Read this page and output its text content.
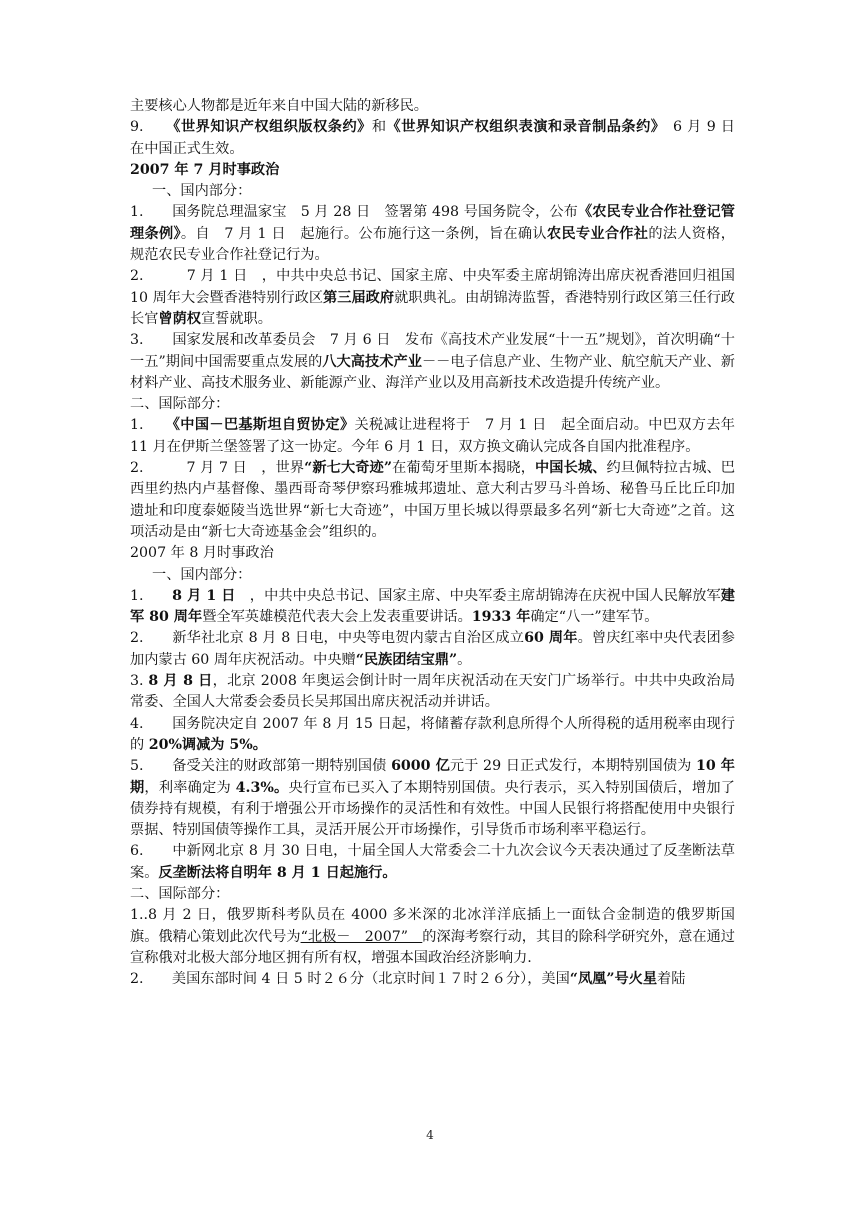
主要核心人物都是近年来自中国大陆的新移民。

9.　　《世界知识产权组织版权条约》和《世界知识产权组织表演和录音制品条约》　6 月 9 日　在中国正式生效。

2007 年 7 月时事政治

一、国内部分：

1.　　国务院总理温家宝　5 月 28 日　签署第 498 号国务院令，公布《农民专业合作社登记管理条例》。自　7 月 1 日　起施行。公布施行这一条例，旨在确认农民专业合作社的法人资格，规范农民专业合作社登记行为。

2.　　　7 月 1 日　，中共中央总书记、国家主席、中央军委主席胡锦涛出席庆祝香港回归祖国 10 周年大会暨香港特别行政区第三届政府就职典礼。由胡锦涛监誓，香港特别行政区第三任行政长官曾荫权宣誓就职。

3.　　国家发展和改革委员会　7 月 6 日　发布《高技术产业发展“十一五”规划》，首次明确“十一五”期间中国需要重点发展的八大高技术产业－－电子信息产业、生物产业、航空航天产业、新材料产业、高技术服务业、新能源产业、海洋产业以及用高新技术改造提升传统产业。

二、国际部分：

1.　　《中国－巴基斯坦自贸协定》关税减让进程将于　7 月 1 日　起全面启动。中巴双方去年 11 月在伊斯兰堡签署了这一协定。今年 6 月 1 日，双方换文确认完成各自国内批准程序。

2.　　　7 月 7 日　，世界“新七大奇迹”在葡萄牙里斯本揭晓，中国长城、约旦佩特拉古城、巴西里约热内卢基督像、墨西哥奇琴伊察玛雅城邦遗址、意大利古罗马斗兽场、秘鲁马丘比丘印加遗址和印度泰姬陵当选世界“新七大奇迹”，中国万里长城以得票最多名列“新七大奇迹”之首。这项活动是由“新七大奇迹基金会”组织的。

2007 年 8 月时事政治

一、国内部分：

1.　　8 月 1 日　，中共中央总书记、国家主席、中央军委主席胡锦涛在庆祝中国人民解放军建军 80 周年暨全军英雄模范代表大会上发表重要讲话。1933 年确定“八一”建军节。

2.　　新华社北京 8 月 8 日电，中央等电贺内蒙古自治区成立60 周年。曾庆红率中央代表团参加内蒙古 60 周年庆祝活动。中央赠“民族团结宝鼎”。

3. 8 月 8 日，北京 2008 年奥运会倒计时一周年庆祝活动在天安门广场举行。中共中央政治局常委、全国人大常委会委员长吴邦国出席庆祝活动并讲话。

4.　　国务院决定自 2007 年 8 月 15 日起，将储蓄存款利息所得个人所得税的适用税率由现行的 20%调减为 5%。

5.　　备受关注的财政部第一期特别国债 6000 亿元于 29 日正式发行，本期特别国债为 10 年期，利率确定为 4.3%。央行宣布已买入了本期特别国债。央行表示，买入特别国债后，增加了债券持有规模，有利于增强公开市场操作的灵活性和有效性。中国人民银行将搭配使用中央银行票据、特别国债等操作工具，灵活开展公开市场操作，引导货币市场利率平稳运行。

6.　　中新网北京 8 月 30 日电，十届全国人大常委会二十九次会议今天表决通过了反垄断法草案。反垄断法将自明年 8 月 1 日起施行。

二、国际部分：

1..8 月 2 日，俄罗斯科考队员在 4000 多米深的北冰洋洋底插上一面钛合金制造的俄罗斯国旗。俄精心策划此次代号为“北极－　2007”　的深海考察行动，其目的除科学研究外，意在通过宣称俄对北极大部分地区拥有所有权，增强本国政治经济影响力.

2.　　美国东部时间 4 日 5 时２６分（北京时间１７时２６分），美国“凤凰”号火星着陆

4
